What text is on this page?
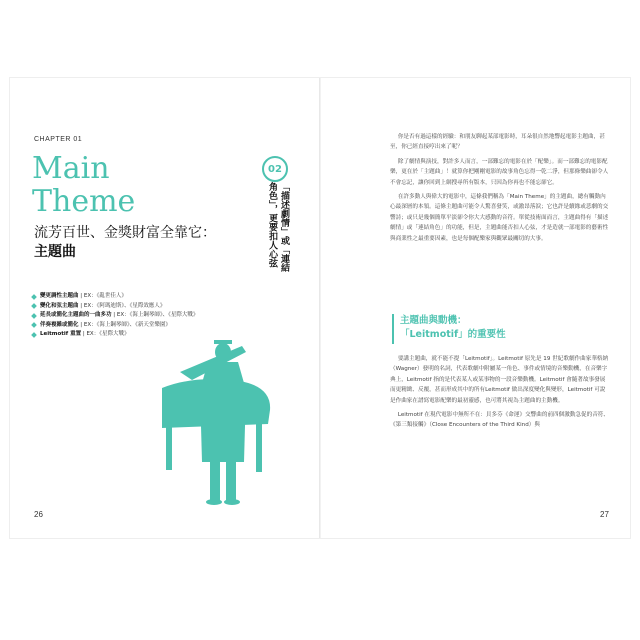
CHAPTER 01
Main
Theme
流芳百世、金獎財富全靠它：
主題曲
02
「描述劇情」或「連結
角色」，更要扣人心弦
變更調性主題曲 | EX：《亂世佳人》
變化和弦主題曲 | EX：《阿瑪迪斯》、《星際效應人》
延長或簡化主題曲的一曲多功 | EX：《海上鋼琴師》、《星際大戰》
伴奏複雜或簡化 | EX：《海上鋼琴師》、《新天堂樂園》
Leitmotif 重置 | EX：《星際大戰》
26

你是否有過這樣的經驗：和朋友聊起某部電影時，耳朵很自然地響起電影主題曲，甚至，你已經直接哼出來了呢？

除了劇情與演技，對許多人而言，一部難忘的電影在於「配樂」。而一部難忘的電影配樂，更在於「主題曲」！就算你把剛剛電影的故事角色忘得一乾二淨，但那條樂曲卻令人不會忘記，讓你回到上網搜尋所有版本，只因為你再也不能忘卻它。

在許多動人與偉大的電影中，這條我們稱為「Main Theme」的主題曲，總有觸動內心最深層的本領。這條主題曲可能令人驚喜發笑，或激昂落淚；它也許是續緣或悲劇的交響詩；或只是幾個簡單平淡卻令你大大感動的音符。單從技術面而言，主題曲得有「描述劇情」或「連結角色」的功能，但是，主題曲能否扣人心弦，才是造就一部電影的藝術性與商業性之最重要因素，也是每個配樂家與觀眾最關切的大事。

主題曲與動機：
「Leitmotif」的重要性

要講主題曲，就不能不提「Leitmotif」。Leitmotif 原先是 19 世紀歌劇作曲家華格納（Wagner）發明的名詞，代表歌劇中附屬某一角色、事件或情境的音樂動機，在音樂字典上，Leitmotif 指的是代表某人或某事物的一段音樂動機。Leitmotif 會隨著故事發展而更精緻、反覆，甚而形成其中的所有Leitmotif 做出深度變化與變形，Leitmotif 可說是作曲家在譜寫電影配樂的最初靈感，也可將其視為主題曲的主動機。

Leitmotif 在現代電影中無所不在：貝多芬《命運》交響曲的前四個激動急促的音符、《第三類接觸》（Close Encounters of the Third Kind）與

27
